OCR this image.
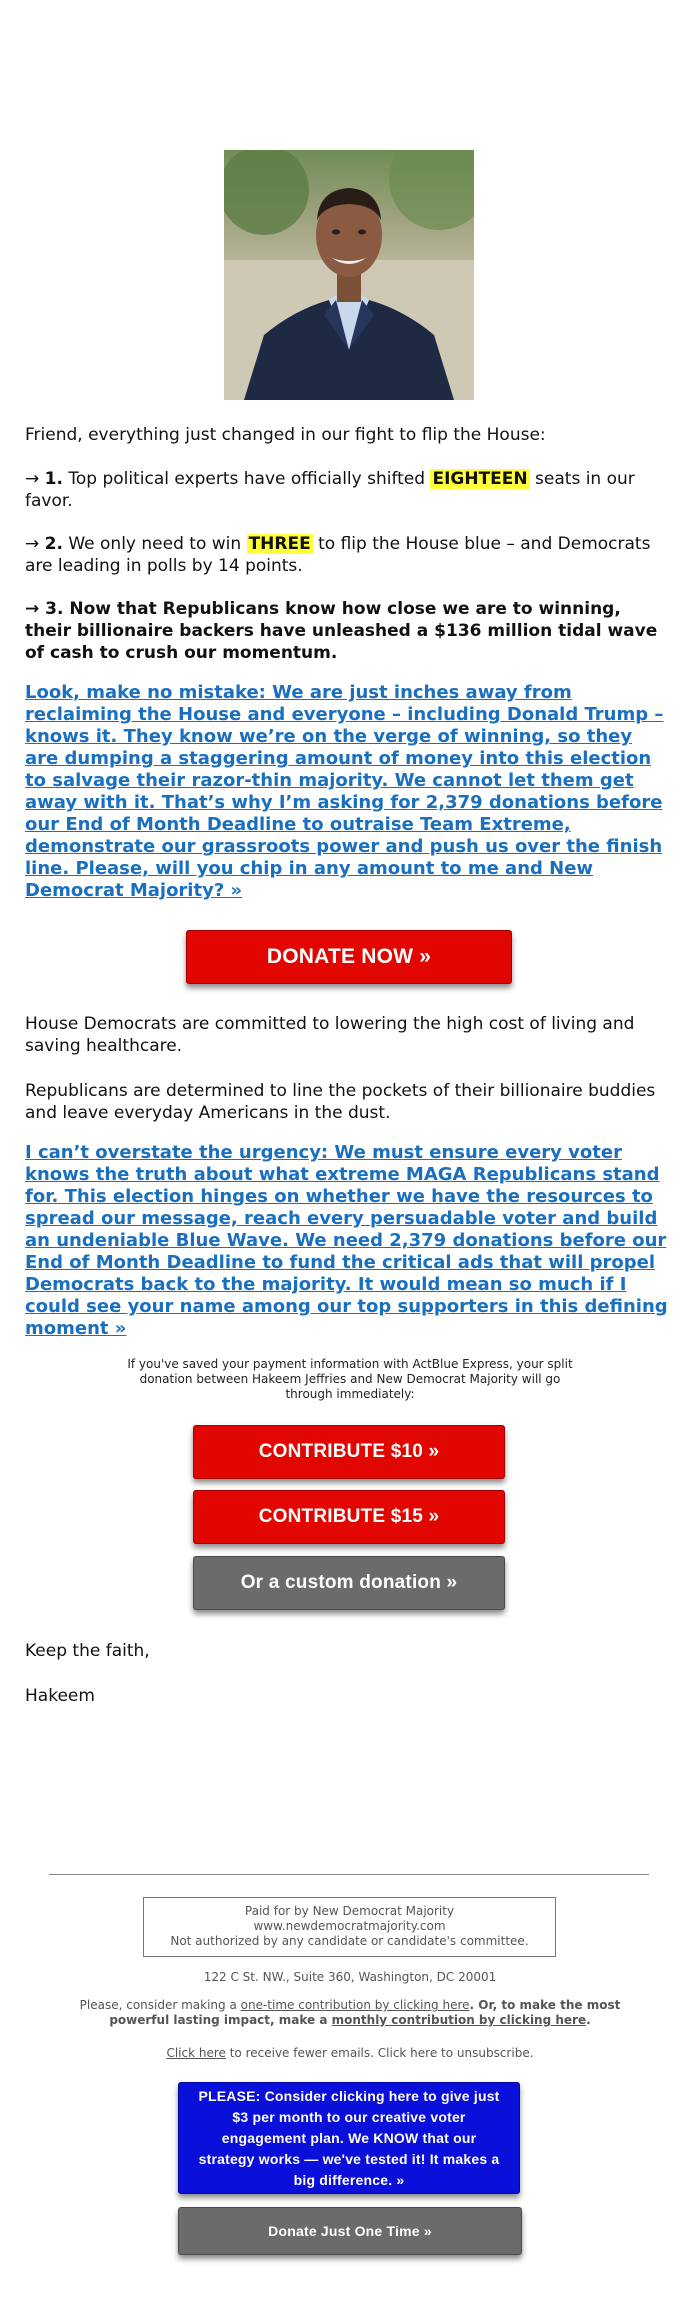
Friend, everything just changed in our fight to flip the House:

→ 1. Top political experts have officially shifted EIGHTEEN seats in our favor.

→ 2. We only need to win THREE to flip the House blue – and Democrats are leading in polls by 14 points.

→ 3. Now that Republicans know how close we are to winning, their billionaire backers have unleashed a $136 million tidal wave of cash to crush our momentum.

Look, make no mistake: We are just inches away from reclaiming the House and everyone – including Donald Trump – knows it. They know we’re on the verge of winning, so they are dumping a staggering amount of money into this election to salvage their razor-thin majority. We cannot let them get away with it. That’s why I’m asking for 2,379 donations before our End of Month Deadline to outraise Team Extreme, demonstrate our grassroots power and push us over the finish line. Please, will you chip in any amount to me and New Democrat Majority? »

DONATE NOW »

House Democrats are committed to lowering the high cost of living and saving healthcare.

Republicans are determined to line the pockets of their billionaire buddies and leave everyday Americans in the dust.

I can’t overstate the urgency: We must ensure every voter knows the truth about what extreme MAGA Republicans stand for. This election hinges on whether we have the resources to spread our message, reach every persuadable voter and build an undeniable Blue Wave. We need 2,379 donations before our End of Month Deadline to fund the critical ads that will propel Democrats back to the majority. It would mean so much if I could see your name among our top supporters in this defining moment »

If you've saved your payment information with ActBlue Express, your split donation between Hakeem Jeffries and New Democrat Majority will go through immediately:
CONTRIBUTE $10 »
CONTRIBUTE $15 »
Or a custom donation »

Keep the faith,

Hakeem

Paid for by New Democrat Majority
www.newdemocratmajority.com
Not authorized by any candidate or candidate's committee.
122 C St. NW., Suite 360, Washington, DC 20001
Please, consider making a one-time contribution by clicking here. Or, to make the most powerful lasting impact, make a monthly contribution by clicking here.
Click here to receive fewer emails. Click here to unsubscribe.
PLEASE: Consider clicking here to give just $3 per month to our creative voter engagement plan. We KNOW that our strategy works — we've tested it! It makes a big difference. »
Donate Just One Time »
